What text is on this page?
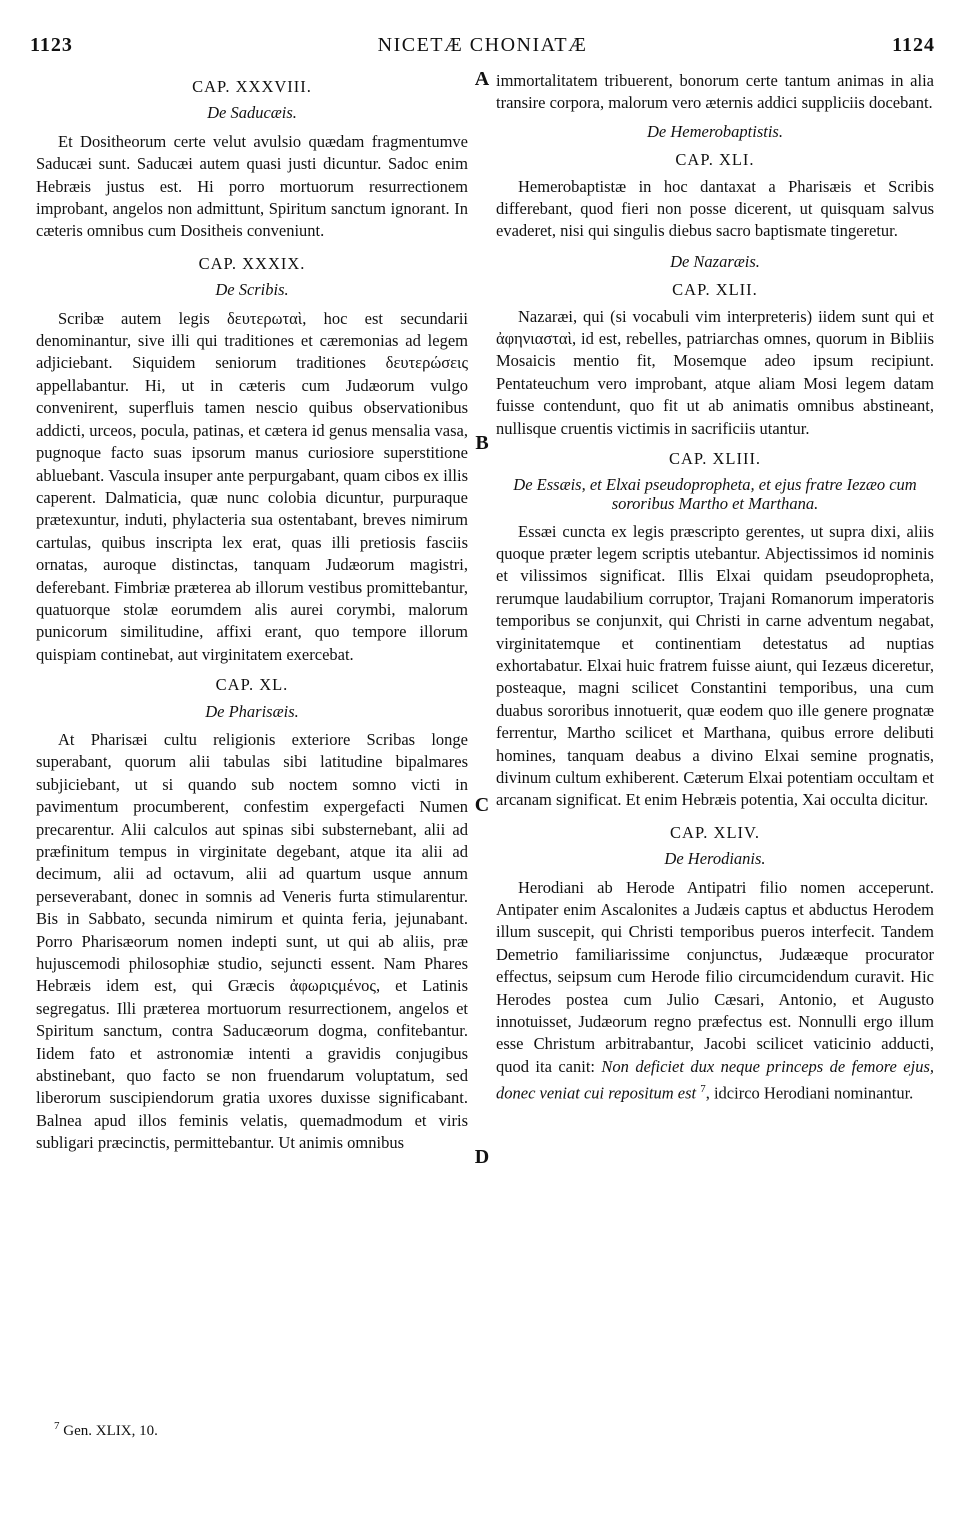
1123	NICETÆ CHONIATÆ	1124
A
B
C
D
CAP. XXXVIII.
De Saducæis.

Et Dositheorum certe velut avulsio quædam fragmentumve Saducæi sunt. Saducæi autem quasi justi dicuntur. Sadoc enim Hebræis justus est. Hi porro mortuorum resurrectionem improbant, angelos non admittunt, Spiritum sanctum ignorant. In cæteris omnibus cum Dositheis conveniunt.

CAP. XXXIX.
De Scribis.

Scribæ autem legis δευτερωταὶ, hoc est secundarii denominantur, sive illi qui traditiones et cæremonias ad legem adjiciebant. Siquidem seniorum traditiones δευτερώσεις appellabantur. Hi, ut in cæteris cum Judæorum vulgo convenirent, superfluis tamen nescio quibus observationibus addicti, urceos, pocula, patinas, et cætera id genus mensalia vasa, pugnoque facto suas ipsorum manus curiosiore superstitione abluebant. Vascula insuper ante perpurgabant, quam cibos ex illis caperent. Dalmaticia, quæ nunc colobia dicuntur, purpuraque prætexuntur, induti, phylacteria sua ostentabant, breves nimirum cartulas, quibus inscripta lex erat, quas illi pretiosis fasciis ornatas, auroque distinctas, tanquam Judæorum magistri, deferebant. Fimbriæ præterea ab illorum vestibus promittebantur, quatuorque stolæ eorumdem alis aurei corymbi, malorum punicorum similitudine, affixi erant, quo tempore illorum quispiam continebat, aut virginitatem exercebat.

CAP. XL.
De Pharisæis.

At Pharisæi cultu religionis exteriore Scribas longe superabant, quorum alii tabulas sibi latitudine bipalmares subjiciebant, ut si quando sub noctem somno victi in pavimentum procumberent, confestim expergefacti Numen precarentur. Alii calculos aut spinas sibi substernebant, alii ad præfinitum tempus in virginitate degebant, atque ita alii ad decimum, alii ad octavum, alii ad quartum usque annum perseverabant, donec in somnis ad Veneris furta stimularentur. Bis in Sabbato, secunda nimirum et quinta feria, jejunabant. Porro Pharisæorum nomen indepti sunt, ut qui ab aliis, præ hujuscemodi philosophiæ studio, sejuncti essent. Nam Phares Hebræis idem est, qui Græcis ἀφωριςμένος, et Latinis segregatus. Illi præterea mortuorum resurrectionem, angelos et Spiritum sanctum, contra Saducæorum dogma, confitebantur. Iidem fato et astronomiæ intenti a gravidis conjugibus abstinebant, quo facto se non fruendarum voluptatum, sed liberorum suscipiendorum gratia uxores duxisse significabant. Balnea apud illos feminis velatis, quemadmodum et viris subligari præcinctis, permittebantur. Ut animis omnibus

immortalitatem tribuerent, bonorum certe tantum animas in alia transire corpora, malorum vero æternis addici suppliciis docebant.

De Hemerobaptistis.
CAP. XLI.

Hemerobaptistæ in hoc dantaxat a Pharisæis et Scribis differebant, quod fieri non posse dicerent, ut quisquam salvus evaderet, nisi qui singulis diebus sacro baptismate tingeretur.

De Nazaræis.
CAP. XLII.

Nazaræi, qui (si vocabuli vim interpreteris) iidem sunt qui et ἀφηνιασταὶ, id est, rebelles, patriarchas omnes, quorum in Bibliis Mosaicis mentio fit, Mosemque adeo ipsum recipiunt. Pentateuchum vero improbant, atque aliam Mosi legem datam fuisse contendunt, quo fit ut ab animatis omnibus abstineant, nullisque cruentis victimis in sacrificiis utantur.

CAP. XLIII.
De Essæis, et Elxai pseudopropheta, et ejus fratre Iezæo cum sororibus Martho et Marthana.

Essæi cuncta ex legis præscripto gerentes, ut supra dixi, aliis quoque præter legem scriptis utebantur. Abjectissimos id nominis et vilissimos significat. Illis Elxai quidam pseudopropheta, rerumque laudabilium corruptor, Trajani Romanorum imperatoris temporibus se conjunxit, qui Christi in carne adventum negabat, virginitatemque et continentiam detestatus ad nuptias exhortabatur. Elxai huic fratrem fuisse aiunt, qui Iezæus diceretur, posteaque, magni scilicet Constantini temporibus, una cum duabus sororibus innotuerit, quæ eodem quo ille genere prognatæ ferrentur, Martho scilicet et Marthana, quibus errore delibuti homines, tanquam deabus a divino Elxai semine prognatis, divinum cultum exhiberent. Cæterum Elxai potentiam occultam et arcanam significat. Et enim Hebræis potentia, Xai occulta dicitur.

CAP. XLIV.
De Herodianis.

Herodiani ab Herode Antipatri filio nomen acceperunt. Antipater enim Ascalonites a Judæis captus et abductus Herodem illum suscepit, qui Christi temporibus pueros interfecit. Tandem Demetrio familiarissime conjunctus, Judææque procurator effectus, seipsum cum Herode filio circumcidendum curavit. Hic Herodes postea cum Julio Cæsari, Antonio, et Augusto innotuisset, Judæorum regno præfectus est. Nonnulli ergo illum esse Christum arbitrabantur, Jacobi scilicet vaticinio adducti, quod ita canit: Non deficiet dux neque princeps de femore ejus, donec veniat cui repositum est $^7$, idcirco Herodiani nominantur.

$^7$ Gen. XLIX, 10.
